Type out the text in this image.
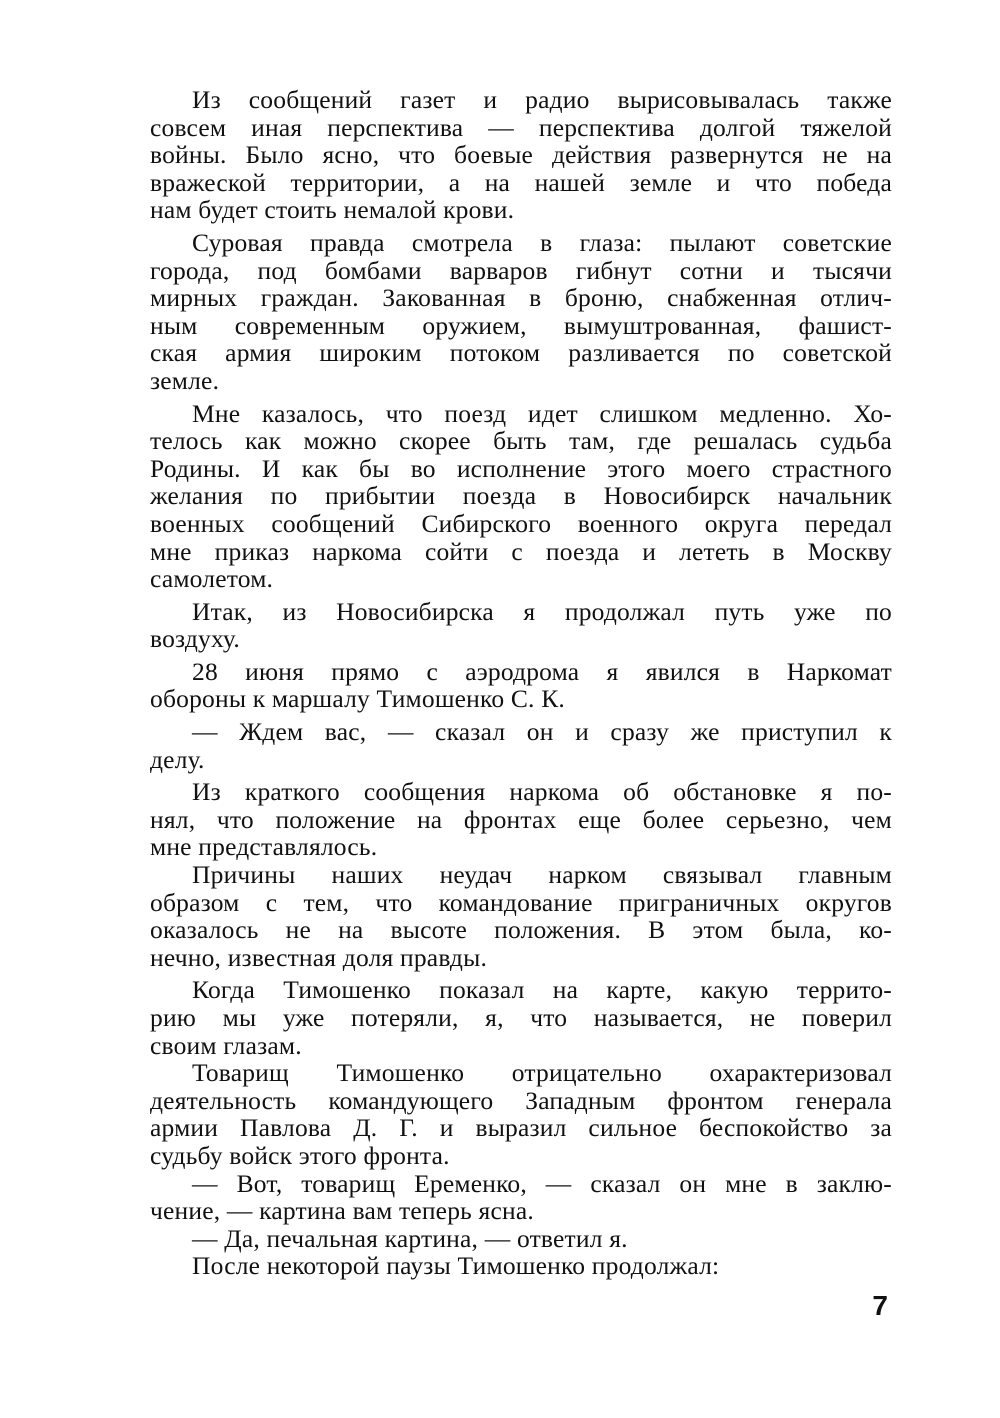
Из сообщений газет и радио вырисовывалась также
совсем иная перспектива — перспектива долгой тяжелой
войны. Было ясно, что боевые действия развернутся не на
вражеской территории, а на нашей земле и что победа
нам будет стоить немалой крови.
Суровая правда смотрела в глаза: пылают советские
города, под бомбами варваров гибнут сотни и тысячи
мирных граждан. Закованная в броню, снабженная отлич-
ным современным оружием, вымуштрованная, фашист-
ская армия широким потоком разливается по советской
земле.
Мне казалось, что поезд идет слишком медленно. Хо-
телось как можно скорее быть там, где решалась судьба
Родины. И как бы во исполнение этого моего страстного
желания по прибытии поезда в Новосибирск начальник
военных сообщений Сибирского военного округа передал
мне приказ наркома сойти с поезда и лететь в Москву
самолетом.
Итак, из Новосибирска я продолжал путь уже по
воздуху.
28 июня прямо с аэродрома я явился в Наркомат
обороны к маршалу Тимошенко С. К.
— Ждем вас, — сказал он и сразу же приступил к
делу.
Из краткого сообщения наркома об обстановке я по-
нял, что положение на фронтах еще более серьезно, чем
мне представлялось.
Причины наших неудач нарком связывал главным
образом с тем, что командование приграничных округов
оказалось не на высоте положения. В этом была, ко-
нечно, известная доля правды.
Когда Тимошенко показал на карте, какую террито-
рию мы уже потеряли, я, что называется, не поверил
своим глазам.
Товарищ Тимошенко отрицательно охарактеризовал
деятельность командующего Западным фронтом генерала
армии Павлова Д. Г. и выразил сильное беспокойство за
судьбу войск этого фронта.
— Вот, товарищ Еременко, — сказал он мне в заклю-
чение, — картина вам теперь ясна.
— Да, печальная картина, — ответил я.
После некоторой паузы Тимошенко продолжал:
7
